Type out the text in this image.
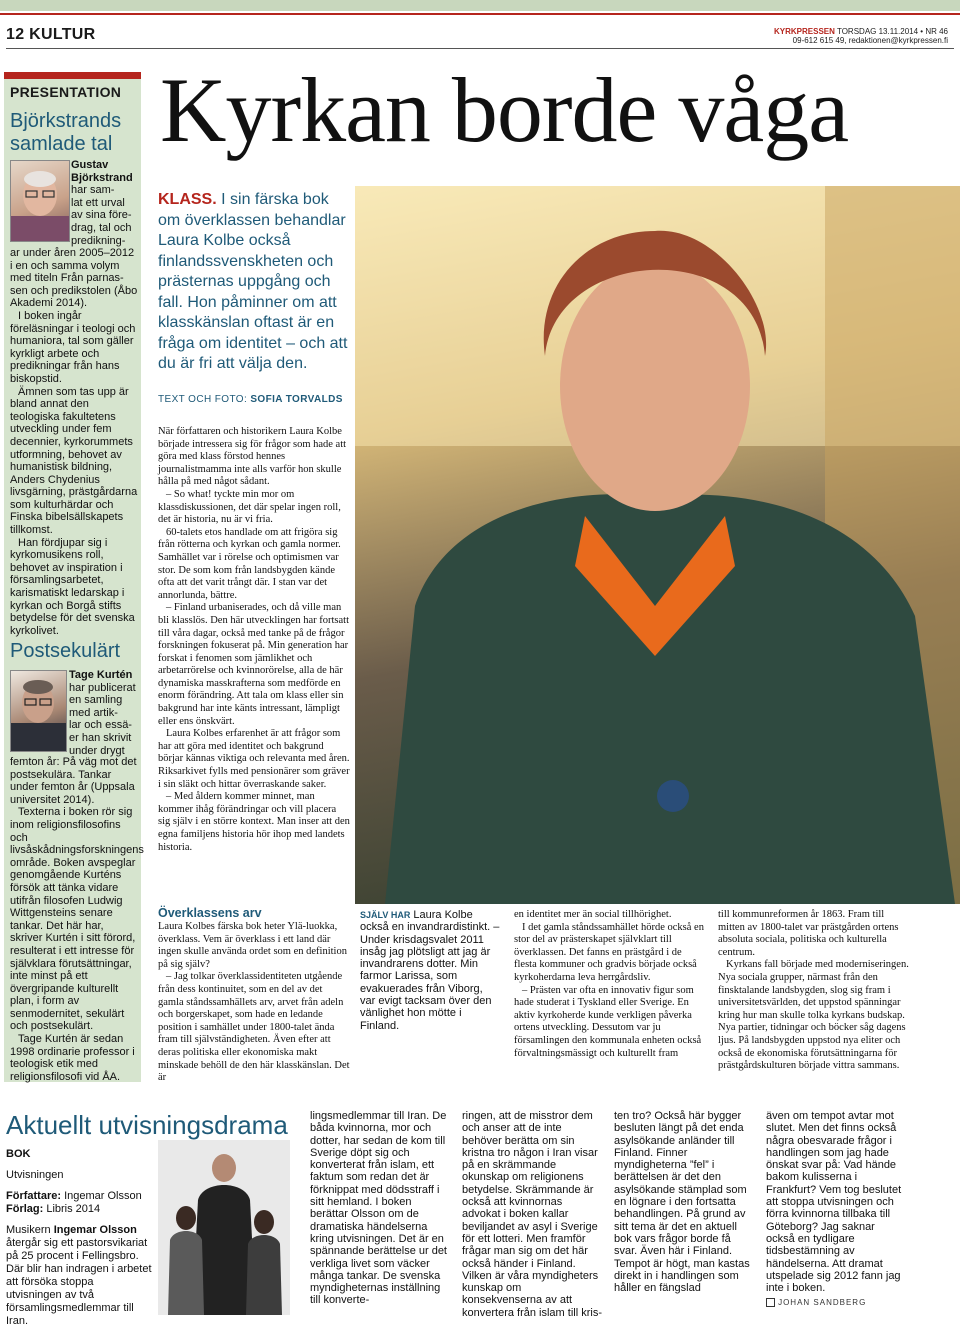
12 KULTUR	KYRKPRESSEN TORSDAG 13.11.2014 • NR 46
09-612 615 49, redaktionen@kyrkpressen.fi
PRESENTATION
Björkstrands samlade tal
Gustav Björkstrand
har sam-
lat ett urval
av sina före-
drag, tal och
predikning-
ar under åren 2005–2012 i en och samma volym med titeln Från parnas-sen och predikstolen (Åbo Akademi 2014).
I boken ingår föreläsningar i teologi och humaniora, tal som gäller kyrkligt arbete och predikningar från hans biskopstid.
Ämnen som tas upp är bland annat den teologiska fakultetens utveckling under fem decennier, kyrkorummets utformning, behovet av humanistisk bildning, Anders Chydenius livsgärning, prästgårdarna som kulturhärdar och Finska bibelsällskapets tillkomst.
Han fördjupar sig i kyrkomusikens roll, behovet av inspiration i församlingsarbetet, karismatiskt ledarskap i kyrkan och Borgå stifts betydelse för det svenska kyrkolivet.
Postsekulärt
Tage Kurtén
har publicerat
en samling
med artik-
lar och essä-
er han skrivit
under drygt
femton år: På väg mot det postsekulära. Tankar under femton år (Uppsala universitet 2014).
Texterna i boken rör sig inom religionsfilosofins och livsåskådningsforskningens område. Boken avspeglar genomgående Kurténs försök att tänka vidare utifrån filosofen Ludwig Wittgensteins senare tankar. Det här har, skriver Kurtén i sitt förord, resulterat i ett intresse för självklara förutsättningar, inte minst på ett övergripande kulturellt plan, i form av senmodernitet, sekulärt och postsekulärt.
Tage Kurtén är sedan 1998 ordinarie professor i teologisk etik med religionsfilosofi vid ÅA.
Kyrkan borde våga
KLASS. I sin färska bok om överklassen behandlar Laura Kolbe också finlandssvenskheten och prästernas uppgång och fall. Hon påminner om att klasskänslan oftast är en fråga om identitet – och att du är fri att välja den.
TEXT OCH FOTO: SOFIA TORVALDS
När författaren och historikern Laura Kolbe började intressera sig för frågor som hade att göra med klass förstod hennes journalistmamma inte alls varför hon skulle hålla på med något sådant.
– So what! tyckte min mor om klassdiskussionen, det där spelar ingen roll, det är historia, nu är vi fria.
60-talets etos handlade om att frigöra sig från rötterna och kyrkan och gamla normer. Samhället var i rörelse och optimismen var stor. De som kom från landsbygden kände ofta att det varit trångt där. I stan var det annorlunda, bättre.
– Finland urbaniserades, och då ville man bli klasslös. Den här utvecklingen har fortsatt till våra dagar, också med tanke på de frågor forskningen fokuserat på. Min generation har forskat i fenomen som jämlikhet och arbetarrörelse och kvinnorörelse, alla de här dynamiska masskrafterna som medförde en enorm förändring. Att tala om klass eller sin bakgrund har inte känts intressant, lämpligt eller ens önskvärt.
Laura Kolbes erfarenhet är att frågor som har att göra med identitet och bakgrund börjar kännas viktiga och relevanta med åren. Riksarkivet fylls med pensionärer som gräver i sin släkt och hittar överraskande saker.
– Med åldern kommer minnet, man kommer ihåg förändringar och vill placera sig själv i en större kontext. Man inser att den egna familjens historia hör ihop med landets historia.
Överklassens arv
Laura Kolbes färska bok heter Ylä-luokka, överklass. Vem är överklass i ett land där ingen skulle använda ordet som en definition på sig själv?
– Jag tolkar överklassidentiteten utgående från dess kontinuitet, som en del av det gamla ståndssamhällets arv, arvet från adeln och borgerskapet, som hade en ledande position i samhället under 1800-talet ända fram till självständigheten. Även efter att deras politiska eller ekonomiska makt minskade behöll de den här klasskänslan. Det är
SJÄLV HAR Laura Kolbe också en invandrardistinkt. – Under krisdagsvalet 2011 insåg jag plötsligt att jag är invandrarens dotter. Min farmor Larissa, som evakuerades från Viborg, var evigt tacksam över den vänlighet hon mötte i Finland.
en identitet mer än social tillhörighet.
I det gamla ståndssamhället hörde också en stor del av prästerskapet självklart till överklassen. Det fanns en prästgård i de flesta kommuner och gradvis började också kyrkoherdarna leva herrgårdsliv.
– Prästen var ofta en innovativ figur som hade studerat i Tyskland eller Sverige. En aktiv kyrkoherde kunde verkligen påverka ortens utveckling. Dessutom var ju församlingen den kommunala enheten också förvaltningsmässigt och kulturellt fram
till kommunreformen år 1863. Fram till mitten av 1800-talet var prästgården ortens absoluta sociala, politiska och kulturella centrum.
Kyrkans fall började med moderniseringen. Nya sociala grupper, närmast från den finsktalande landsbygden, slog sig fram i universitetsvärlden, det uppstod spänningar kring hur man skulle tolka kyrkans budskap. Nya partier, tidningar och böcker såg dagens ljus. På landsbygden uppstod nya eliter och också de ekonomiska förutsättningarna för prästgårdskulturen började vittra sammans.
Aktuellt utvisningsdrama
BOK
Utvisningen
Författare: Ingemar Olsson
Förlag: Libris 2014
Musikern Ingemar Olsson återgår sig ett pastorsvikariat på 25 procent i Fellingsbro. Där blir han indragen i arbetet att försöka stoppa utvisningen av två församlingsmedlemmar till Iran.
lingsmedlemmar till Iran. De båda kvinnorna, mor och dotter, har sedan de kom till Sverige döpt sig och konverterat från islam, ett faktum som redan det är förknippat med dödsstraff i sitt hemland. I boken berättar Olsson om de dramatiska händelserna kring utvisningen. Det är en spännande berättelse ur det verkliga livet som väcker många tankar. De svenska myndigheternas inställning till konverte-
ringen, att de misstror dem och anser att de inte behöver berätta om sin kristna tro någon i Iran visar på en skrämmande okunskap om religionens betydelse. Skrämmande är också att kvinnornas advokat i boken kallar beviljandet av asyl i Sverige för ett lotteri. Men framför frågar man sig om det här också händer i Finland. Vilken är våra myndigheters kunskap om konsekvenserna av att konvertera från islam till kris-
ten tro? Också här bygger besluten längt på det enda asylsökande anländer till Finland. Finner myndigheterna ”fel” i berättelsen är det den asylsökande stämplad som en lögnare i den fortsatta behandlingen. På grund av sitt tema är det en aktuell bok vars frågor borde få svar. Även här i Finland. Tempot är högt, man kastas direkt in i handlingen som håller en fängslad
även om tempot avtar mot slutet. Men det finns också några obesvarade frågor i handlingen som jag hade önskat svar på: Vad hände bakom kulisserna i Frankfurt? Vem tog beslutet att stoppa utvisningen och förra kvinnorna tillbaka till Göteborg? Jag saknar också en tydligare tidsbestämning av händelserna. Att dramat utspelade sig 2012 fann jag inte i boken.
JOHAN SANDBERG
